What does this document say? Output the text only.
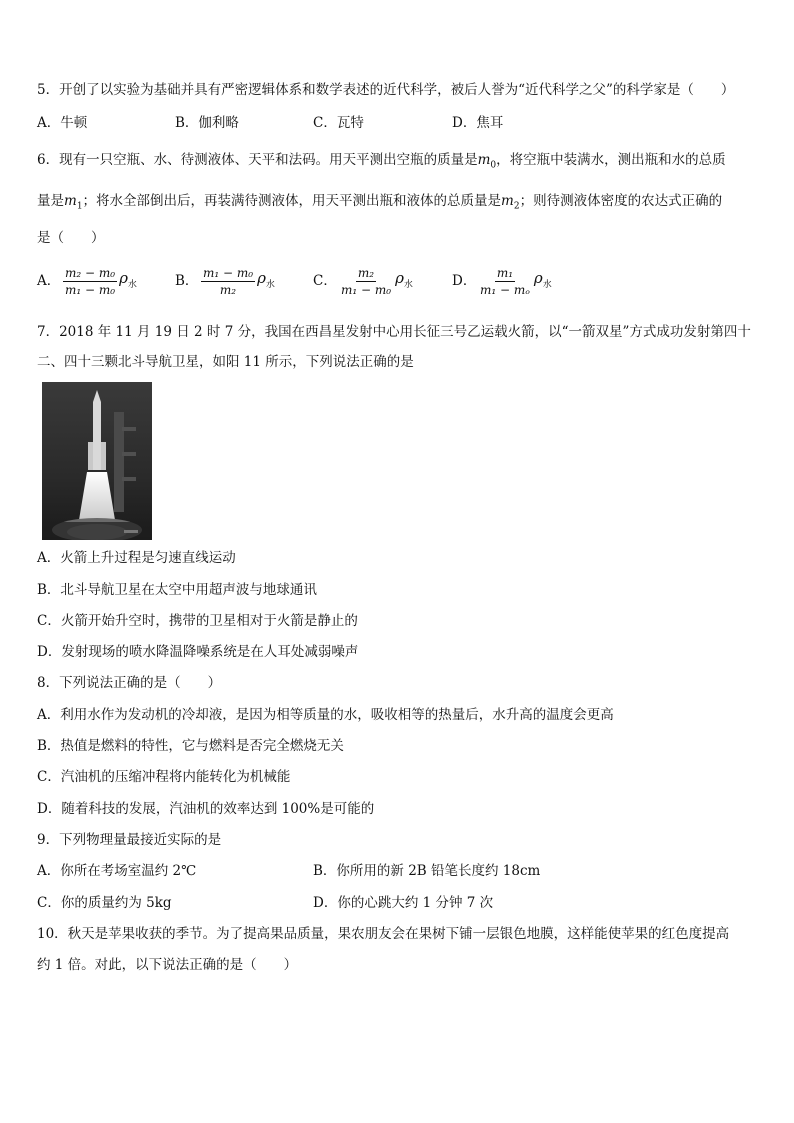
5．开创了以实验为基础并具有严密逻辑体系和数学表述的近代科学，被后人誉为“近代科学之父”的科学家是（　　）
A．牛顿	B．伽利略	C．瓦特	D．焦耳
6．现有一只空瓶、水、待测液体、天平和法码。用天平测出空瓶的质量是$m_0$，将空瓶中装满水，测出瓶和水的总质
量是$m_1$；将水全部倒出后，再装满待测液体，用天平测出瓶和液体的总质量是$m_2$；则待测液体密度的农达式正确的
是（　　）
A． $\frac{\text{m₂ − m₀}}{\text{m₁ − m₀}} \rho_水$	B． $\frac{\text{m₁ − m₀}}{\text{m₂}} \rho_水$	C． $\frac{\text{m₂}}{\text{m₁ − m₀}} \rho_水$	D． $\frac{\text{m₁}}{\text{m₁ − mₒ}} \rho_水$
7．2018 年 11 月 19 日 2 时 7 分，我国在西昌星发射中心用长征三号乙运载火箭，以“一箭双星”方式成功发射第四十
二、四十三颗北斗导航卫星，如阳 11 所示，下列说法正确的是
A．火箭上升过程是匀速直线运动
B．北斗导航卫星在太空中用超声波与地球通讯
C．火箭开始升空时，携带的卫星相对于火箭是静止的
D．发射现场的喷水降温降噪系统是在人耳处减弱噪声
8．下列说法正确的是（　　）
A．利用水作为发动机的冷却液，是因为相等质量的水，吸收相等的热量后，水升高的温度会更高
B．热值是燃料的特性，它与燃料是否完全燃烧无关
C．汽油机的压缩冲程将内能转化为机械能
D．随着科技的发展，汽油机的效率达到 100%是可能的
9．下列物理量最接近实际的是
A．你所在考场室温约 2℃	B．你所用的新 2B 铅笔长度约 18cm
C．你的质量约为 5kg	D．你的心跳大约 1 分钟 7 次
10．秋天是苹果收获的季节。为了提高果品质量，果农朋友会在果树下铺一层银色地膜，这样能使苹果的红色度提高
约 1 倍。对此，以下说法正确的是（　　）
